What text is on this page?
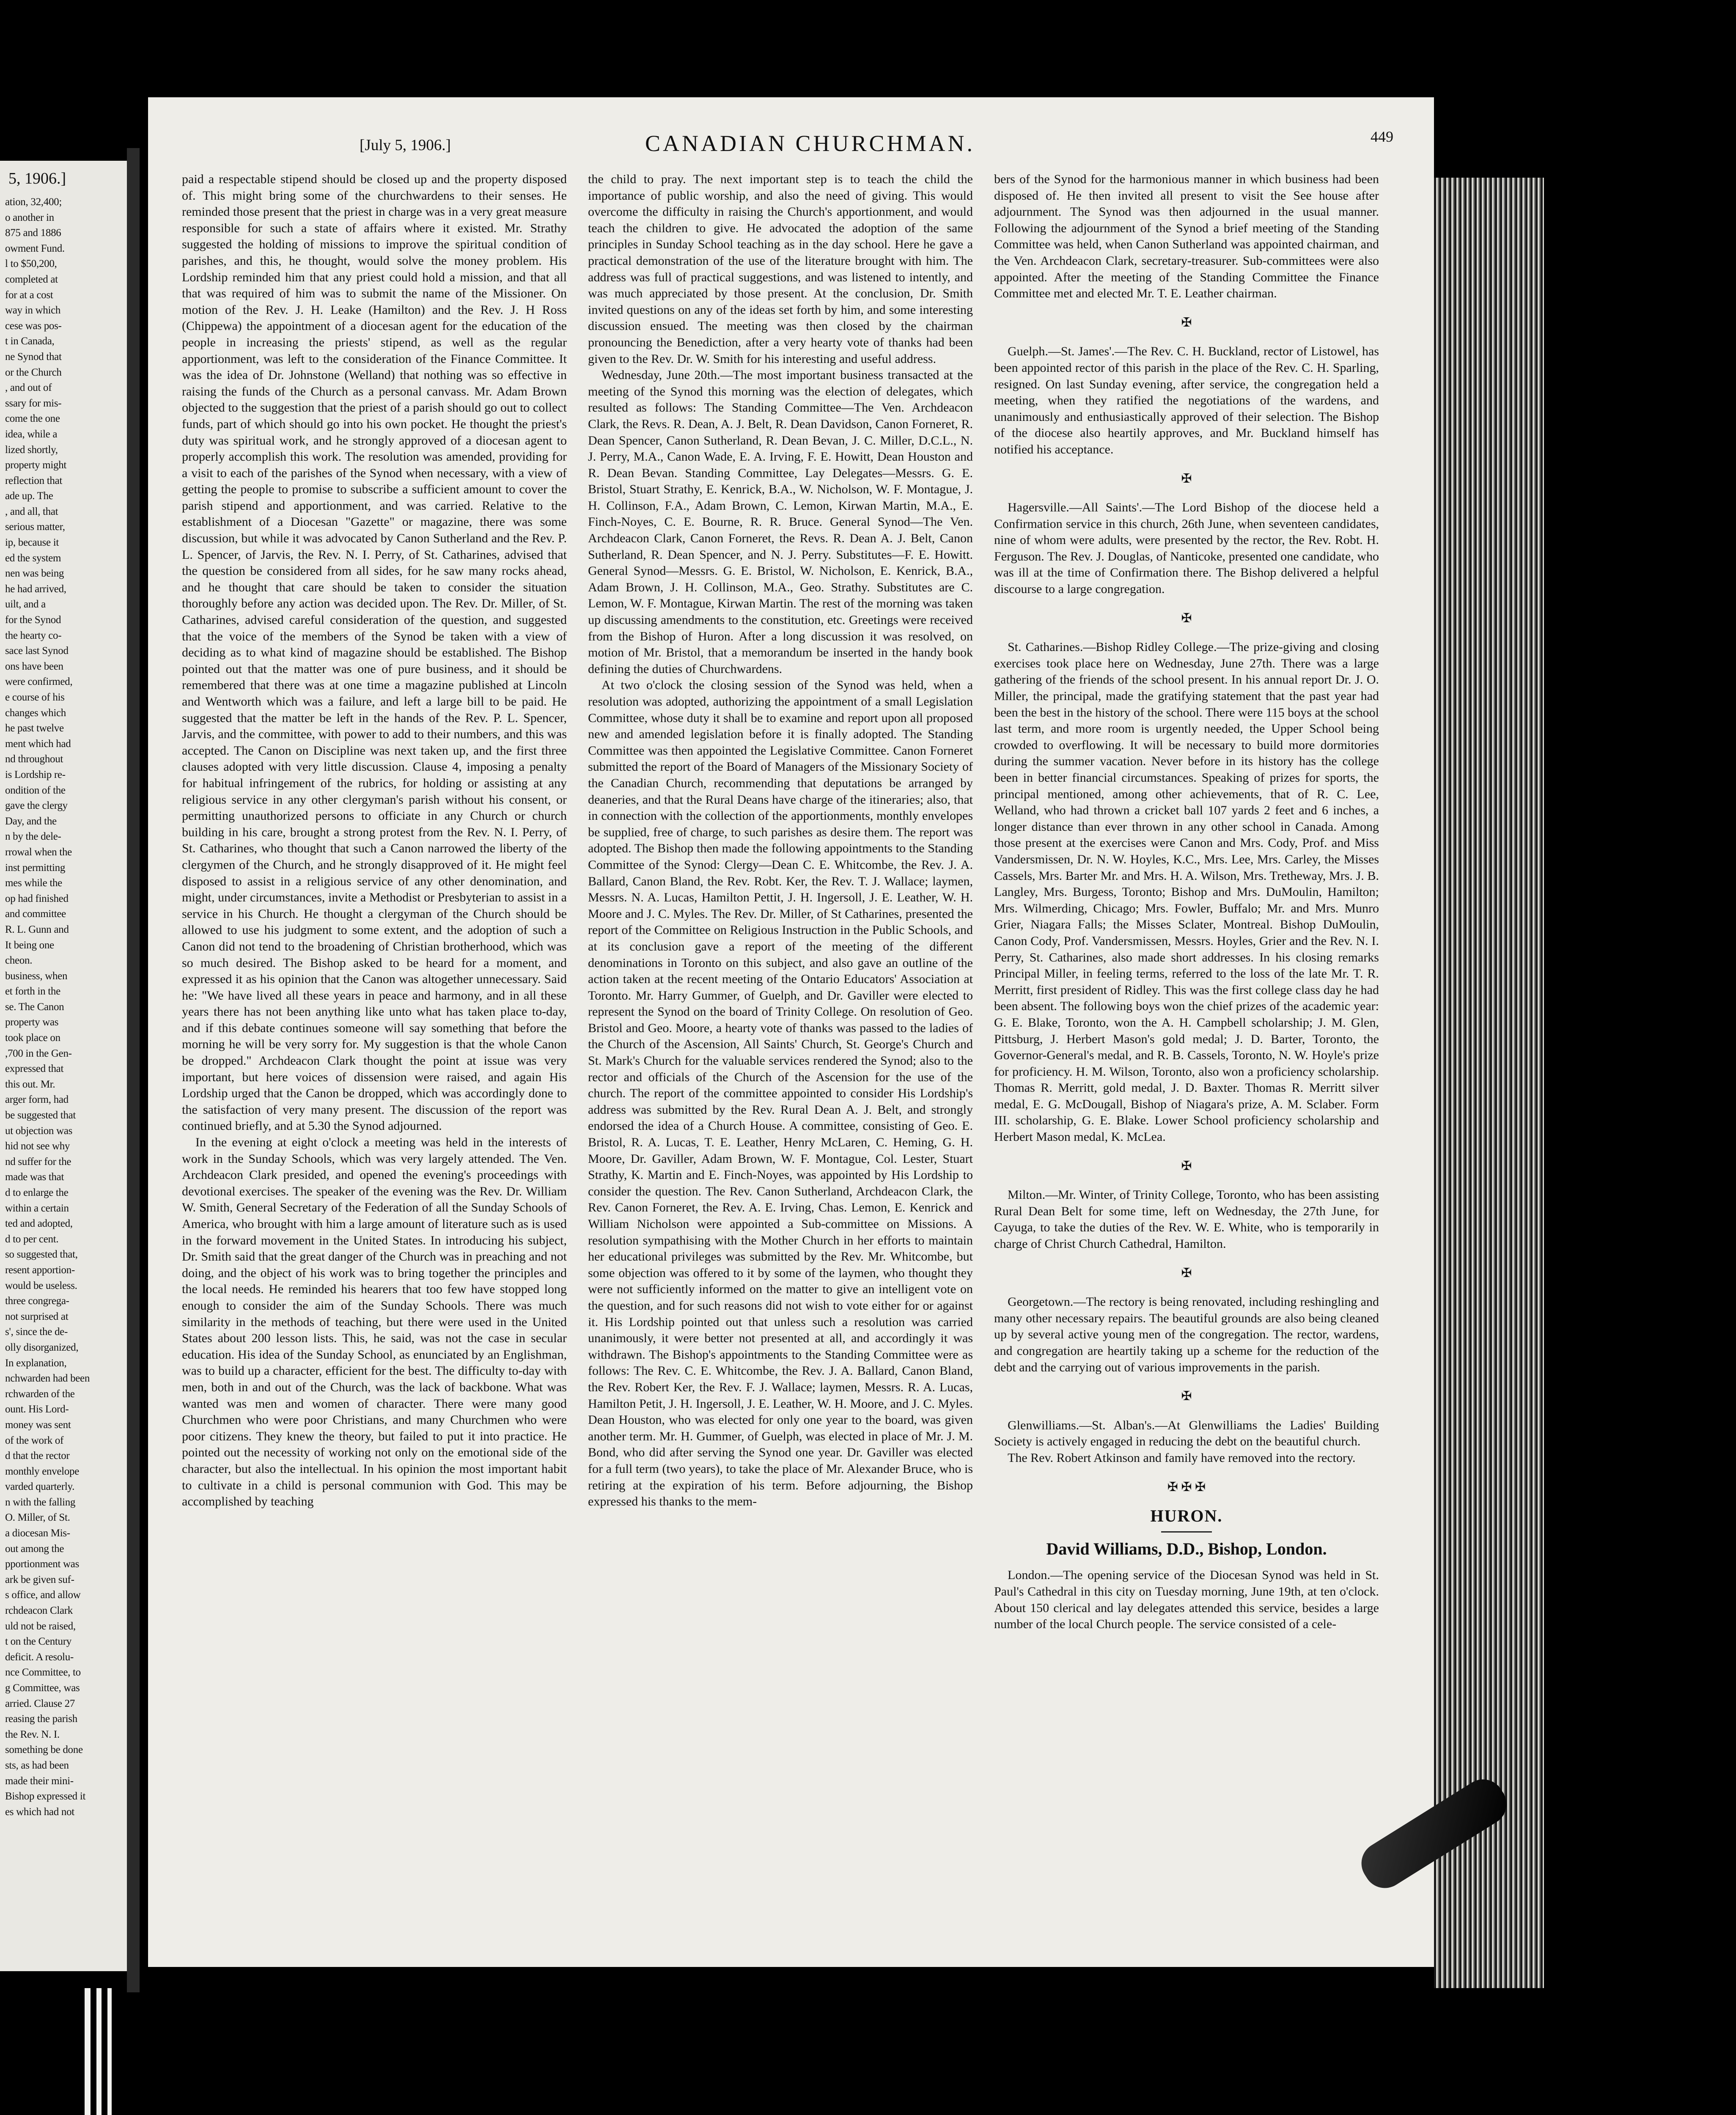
5, 1906.]
ation, 32,400;
o another in
875 and 1886
owment Fund.
l to $50,200,
completed at
for at a cost
way in which
cese was pos-
t in Canada,
ne Synod that
or the Church
, and out of
ssary for mis-
come the one
idea, while a
lized shortly,
property might
reflection that
ade up. The
, and all, that
serious matter,
ip, because it
ed the system
nen was being
he had arrived,
uilt, and a
for the Synod
the hearty co-
sace last Synod
ons have been
were confirmed,
e course of his
changes which
he past twelve
ment which had
nd throughout
is Lordship re-
ondition of the
gave the clergy
Day, and the
n by the dele-
rrowal when the
inst permitting
mes while the
op had finished
and committee
R. L. Gunn and
It being one
cheon.
business, when
et forth in the
se. The Canon
property was
took place on
,700 in the Gen-
expressed that
this out. Mr.
arger form, had
be suggested that
ut objection was
hid not see why
nd suffer for the
made was that
d to enlarge the
within a certain
ted and adopted,
d to per cent.
so suggested that,
resent apportion-
would be useless.
three congrega-
not surprised at
s', since the de-
olly disorganized,
In explanation,
nchwarden had been
rchwarden of the
ount. His Lord-
money was sent
of the work of
d that the rector
monthly envelope
varded quarterly.
n with the falling
O. Miller, of St.
a diocesan Mis-
out among the
pportionment was
ark be given suf-
s office, and allow
rchdeacon Clark
uld not be raised,
t on the Century
deficit. A resolu-
nce Committee, to
g Committee, was
arried. Clause 27
reasing the parish
the Rev. N. I.
something be done
sts, as had been
made their mini-
Bishop expressed it
es which had not
[July 5, 1906.]	CANADIAN CHURCHMAN.	449

paid a respectable stipend should be closed up and the property disposed of. This might bring some of the churchwardens to their senses. He reminded those present that the priest in charge was in a very great measure responsible for such a state of affairs where it existed. Mr. Strathy suggested the holding of missions to improve the spiritual condition of parishes, and this, he thought, would solve the money problem. His Lordship reminded him that any priest could hold a mission, and that all that was required of him was to submit the name of the Missioner. On motion of the Rev. J. H. Leake (Hamilton) and the Rev. J. H Ross (Chippewa) the appointment of a diocesan agent for the education of the people in increasing the priests' stipend, as well as the regular apportionment, was left to the consideration of the Finance Committee. It was the idea of Dr. Johnstone (Welland) that nothing was so effective in raising the funds of the Church as a personal canvass. Mr. Adam Brown objected to the suggestion that the priest of a parish should go out to collect funds, part of which should go into his own pocket. He thought the priest's duty was spiritual work, and he strongly approved of a diocesan agent to properly accomplish this work. The resolution was amended, providing for a visit to each of the parishes of the Synod when necessary, with a view of getting the people to promise to subscribe a sufficient amount to cover the parish stipend and apportionment, and was carried. Relative to the establishment of a Diocesan "Gazette" or magazine, there was some discussion, but while it was advocated by Canon Sutherland and the Rev. P. L. Spencer, of Jarvis, the Rev. N. I. Perry, of St. Catharines, advised that the question be considered from all sides, for he saw many rocks ahead, and he thought that care should be taken to consider the situation thoroughly before any action was decided upon. The Rev. Dr. Miller, of St. Catharines, advised careful consideration of the question, and suggested that the voice of the members of the Synod be taken with a view of deciding as to what kind of magazine should be established. The Bishop pointed out that the matter was one of pure business, and it should be remembered that there was at one time a magazine published at Lincoln and Wentworth which was a failure, and left a large bill to be paid. He suggested that the matter be left in the hands of the Rev. P. L. Spencer, Jarvis, and the committee, with power to add to their numbers, and this was accepted. The Canon on Discipline was next taken up, and the first three clauses adopted with very little discussion. Clause 4, imposing a penalty for habitual infringement of the rubrics, for holding or assisting at any religious service in any other clergyman's parish without his consent, or permitting unauthorized persons to officiate in any Church or church building in his care, brought a strong protest from the Rev. N. I. Perry, of St. Catharines, who thought that such a Canon narrowed the liberty of the clergymen of the Church, and he strongly disapproved of it. He might feel disposed to assist in a religious service of any other denomination, and might, under circumstances, invite a Methodist or Presbyterian to assist in a service in his Church. He thought a clergyman of the Church should be allowed to use his judgment to some extent, and the adoption of such a Canon did not tend to the broadening of Christian brotherhood, which was so much desired. The Bishop asked to be heard for a moment, and expressed it as his opinion that the Canon was altogether unnecessary. Said he: "We have lived all these years in peace and harmony, and in all these years there has not been anything like unto what has taken place to-day, and if this debate continues someone will say something that before the morning he will be very sorry for. My suggestion is that the whole Canon be dropped." Archdeacon Clark thought the point at issue was very important, but here voices of dissension were raised, and again His Lordship urged that the Canon be dropped, which was accordingly done to the satisfaction of very many present. The discussion of the report was continued briefly, and at 5.30 the Synod adjourned.

In the evening at eight o'clock a meeting was held in the interests of work in the Sunday Schools, which was very largely attended. The Ven. Archdeacon Clark presided, and opened the evening's proceedings with devotional exercises. The speaker of the evening was the Rev. Dr. William W. Smith, General Secretary of the Federation of all the Sunday Schools of America, who brought with him a large amount of literature such as is used in the forward movement in the United States. In introducing his subject, Dr. Smith said that the great danger of the Church was in preaching and not doing, and the object of his work was to bring together the principles and the local needs. He reminded his hearers that too few have stopped long enough to consider the aim of the Sunday Schools. There was much similarity in the methods of teaching, but there were used in the United States about 200 lesson lists. This, he said, was not the case in secular education. His idea of the Sunday School, as enunciated by an Englishman, was to build up a character, efficient for the best. The difficulty to-day with men, both in and out of the Church, was the lack of backbone. What was wanted was men and women of character. There were many good Churchmen who were poor Christians, and many Churchmen who were poor citizens. They knew the theory, but failed to put it into practice. He pointed out the necessity of working not only on the emotional side of the character, but also the intellectual. In his opinion the most important habit to cultivate in a child is personal communion with God. This may be accomplished by teaching

the child to pray. The next important step is to teach the child the importance of public worship, and also the need of giving. This would overcome the difficulty in raising the Church's apportionment, and would teach the children to give. He advocated the adoption of the same principles in Sunday School teaching as in the day school. Here he gave a practical demonstration of the use of the literature brought with him. The address was full of practical suggestions, and was listened to intently, and was much appreciated by those present. At the conclusion, Dr. Smith invited questions on any of the ideas set forth by him, and some interesting discussion ensued. The meeting was then closed by the chairman pronouncing the Benediction, after a very hearty vote of thanks had been given to the Rev. Dr. W. Smith for his interesting and useful address.

Wednesday, June 20th.—The most important business transacted at the meeting of the Synod this morning was the election of delegates, which resulted as follows: The Standing Committee—The Ven. Archdeacon Clark, the Revs. R. Dean, A. J. Belt, R. Dean Davidson, Canon Forneret, R. Dean Spencer, Canon Sutherland, R. Dean Bevan, J. C. Miller, D.C.L., N. J. Perry, M.A., Canon Wade, E. A. Irving, F. E. Howitt, Dean Houston and R. Dean Bevan. Standing Committee, Lay Delegates—Messrs. G. E. Bristol, Stuart Strathy, E. Kenrick, B.A., W. Nicholson, W. F. Montague, J. H. Collinson, F.A., Adam Brown, C. Lemon, Kirwan Martin, M.A., E. Finch-Noyes, C. E. Bourne, R. R. Bruce. General Synod—The Ven. Archdeacon Clark, Canon Forneret, the Revs. R. Dean A. J. Belt, Canon Sutherland, R. Dean Spencer, and N. J. Perry. Substitutes—F. E. Howitt. General Synod—Messrs. G. E. Bristol, W. Nicholson, E. Kenrick, B.A., Adam Brown, J. H. Collinson, M.A., Geo. Strathy. Substitutes are C. Lemon, W. F. Montague, Kirwan Martin. The rest of the morning was taken up discussing amendments to the constitution, etc. Greetings were received from the Bishop of Huron. After a long discussion it was resolved, on motion of Mr. Bristol, that a memorandum be inserted in the handy book defining the duties of Churchwardens.

At two o'clock the closing session of the Synod was held, when a resolution was adopted, authorizing the appointment of a small Legislation Committee, whose duty it shall be to examine and report upon all proposed new and amended legislation before it is finally adopted. The Standing Committee was then appointed the Legislative Committee. Canon Forneret submitted the report of the Board of Managers of the Missionary Society of the Canadian Church, recommending that deputations be arranged by deaneries, and that the Rural Deans have charge of the itineraries; also, that in connection with the collection of the apportionments, monthly envelopes be supplied, free of charge, to such parishes as desire them. The report was adopted. The Bishop then made the following appointments to the Standing Committee of the Synod: Clergy—Dean C. E. Whitcombe, the Rev. J. A. Ballard, Canon Bland, the Rev. Robt. Ker, the Rev. T. J. Wallace; laymen, Messrs. N. A. Lucas, Hamilton Pettit, J. H. Ingersoll, J. E. Leather, W. H. Moore and J. C. Myles. The Rev. Dr. Miller, of St Catharines, presented the report of the Committee on Religious Instruction in the Public Schools, and at its conclusion gave a report of the meeting of the different denominations in Toronto on this subject, and also gave an outline of the action taken at the recent meeting of the Ontario Educators' Association at Toronto. Mr. Harry Gummer, of Guelph, and Dr. Gaviller were elected to represent the Synod on the board of Trinity College. On resolution of Geo. Bristol and Geo. Moore, a hearty vote of thanks was passed to the ladies of the Church of the Ascension, All Saints' Church, St. George's Church and St. Mark's Church for the valuable services rendered the Synod; also to the rector and officials of the Church of the Ascension for the use of the church. The report of the committee appointed to consider His Lordship's address was submitted by the Rev. Rural Dean A. J. Belt, and strongly endorsed the idea of a Church House. A committee, consisting of Geo. E. Bristol, R. A. Lucas, T. E. Leather, Henry McLaren, C. Heming, G. H. Moore, Dr. Gaviller, Adam Brown, W. F. Montague, Col. Lester, Stuart Strathy, K. Martin and E. Finch-Noyes, was appointed by His Lordship to consider the question. The Rev. Canon Sutherland, Archdeacon Clark, the Rev. Canon Forneret, the Rev. A. E. Irving, Chas. Lemon, E. Kenrick and William Nicholson were appointed a Sub-committee on Missions. A resolution sympathising with the Mother Church in her efforts to maintain her educational privileges was submitted by the Rev. Mr. Whitcombe, but some objection was offered to it by some of the laymen, who thought they were not sufficiently informed on the matter to give an intelligent vote on the question, and for such reasons did not wish to vote either for or against it. His Lordship pointed out that unless such a resolution was carried unanimously, it were better not presented at all, and accordingly it was withdrawn. The Bishop's appointments to the Standing Committee were as follows: The Rev. C. E. Whitcombe, the Rev. J. A. Ballard, Canon Bland, the Rev. Robert Ker, the Rev. F. J. Wallace; laymen, Messrs. R. A. Lucas, Hamilton Petit, J. H. Ingersoll, J. E. Leather, W. H. Moore, and J. C. Myles. Dean Houston, who was elected for only one year to the board, was given another term. Mr. H. Gummer, of Guelph, was elected in place of Mr. J. M. Bond, who did after serving the Synod one year. Dr. Gaviller was elected for a full term (two years), to take the place of Mr. Alexander Bruce, who is retiring at the expiration of his term. Before adjourning, the Bishop expressed his thanks to the mem-

bers of the Synod for the harmonious manner in which business had been disposed of. He then invited all present to visit the See house after adjournment. The Synod was then adjourned in the usual manner. Following the adjournment of the Synod a brief meeting of the Standing Committee was held, when Canon Sutherland was appointed chairman, and the Ven. Archdeacon Clark, secretary-treasurer. Sub-committees were also appointed. After the meeting of the Standing Committee the Finance Committee met and elected Mr. T. E. Leather chairman.

✠

Guelph.—St. James'.—The Rev. C. H. Buckland, rector of Listowel, has been appointed rector of this parish in the place of the Rev. C. H. Sparling, resigned. On last Sunday evening, after service, the congregation held a meeting, when they ratified the negotiations of the wardens, and unanimously and enthusiastically approved of their selection. The Bishop of the diocese also heartily approves, and Mr. Buckland himself has notified his acceptance.

✠

Hagersville.—All Saints'.—The Lord Bishop of the diocese held a Confirmation service in this church, 26th June, when seventeen candidates, nine of whom were adults, were presented by the rector, the Rev. Robt. H. Ferguson. The Rev. J. Douglas, of Nanticoke, presented one candidate, who was ill at the time of Confirmation there. The Bishop delivered a helpful discourse to a large congregation.

✠

St. Catharines.—Bishop Ridley College.—The prize-giving and closing exercises took place here on Wednesday, June 27th. There was a large gathering of the friends of the school present. In his annual report Dr. J. O. Miller, the principal, made the gratifying statement that the past year had been the best in the history of the school. There were 115 boys at the school last term, and more room is urgently needed, the Upper School being crowded to overflowing. It will be necessary to build more dormitories during the summer vacation. Never before in its history has the college been in better financial circumstances. Speaking of prizes for sports, the principal mentioned, among other achievements, that of R. C. Lee, Welland, who had thrown a cricket ball 107 yards 2 feet and 6 inches, a longer distance than ever thrown in any other school in Canada. Among those present at the exercises were Canon and Mrs. Cody, Prof. and Miss Vandersmissen, Dr. N. W. Hoyles, K.C., Mrs. Lee, Mrs. Carley, the Misses Cassels, Mrs. Barter Mr. and Mrs. H. A. Wilson, Mrs. Tretheway, Mrs. J. B. Langley, Mrs. Burgess, Toronto; Bishop and Mrs. DuMoulin, Hamilton; Mrs. Wilmerding, Chicago; Mrs. Fowler, Buffalo; Mr. and Mrs. Munro Grier, Niagara Falls; the Misses Sclater, Montreal. Bishop DuMoulin, Canon Cody, Prof. Vandersmissen, Messrs. Hoyles, Grier and the Rev. N. I. Perry, St. Catharines, also made short addresses. In his closing remarks Principal Miller, in feeling terms, referred to the loss of the late Mr. T. R. Merritt, first president of Ridley. This was the first college class day he had been absent. The following boys won the chief prizes of the academic year: G. E. Blake, Toronto, won the A. H. Campbell scholarship; J. M. Glen, Pittsburg, J. Herbert Mason's gold medal; J. D. Barter, Toronto, the Governor-General's medal, and R. B. Cassels, Toronto, N. W. Hoyle's prize for proficiency. H. M. Wilson, Toronto, also won a proficiency scholarship. Thomas R. Merritt, gold medal, J. D. Baxter. Thomas R. Merritt silver medal, E. G. McDougall, Bishop of Niagara's prize, A. M. Sclaber. Form III. scholarship, G. E. Blake. Lower School proficiency scholarship and Herbert Mason medal, K. McLea.

✠

Milton.—Mr. Winter, of Trinity College, Toronto, who has been assisting Rural Dean Belt for some time, left on Wednesday, the 27th June, for Cayuga, to take the duties of the Rev. W. E. White, who is temporarily in charge of Christ Church Cathedral, Hamilton.

✠

Georgetown.—The rectory is being renovated, including reshingling and many other necessary repairs. The beautiful grounds are also being cleaned up by several active young men of the congregation. The rector, wardens, and congregation are heartily taking up a scheme for the reduction of the debt and the carrying out of various improvements in the parish.

✠

Glenwilliams.—St. Alban's.—At Glenwilliams the Ladies' Building Society is actively engaged in reducing the debt on the beautiful church.

The Rev. Robert Atkinson and family have removed into the rectory.

✠ ✠ ✠
HURON.
David Williams, D.D., Bishop, London.

London.—The opening service of the Diocesan Synod was held in St. Paul's Cathedral in this city on Tuesday morning, June 19th, at ten o'clock. About 150 clerical and lay delegates attended this service, besides a large number of the local Church people. The service consisted of a cele-
